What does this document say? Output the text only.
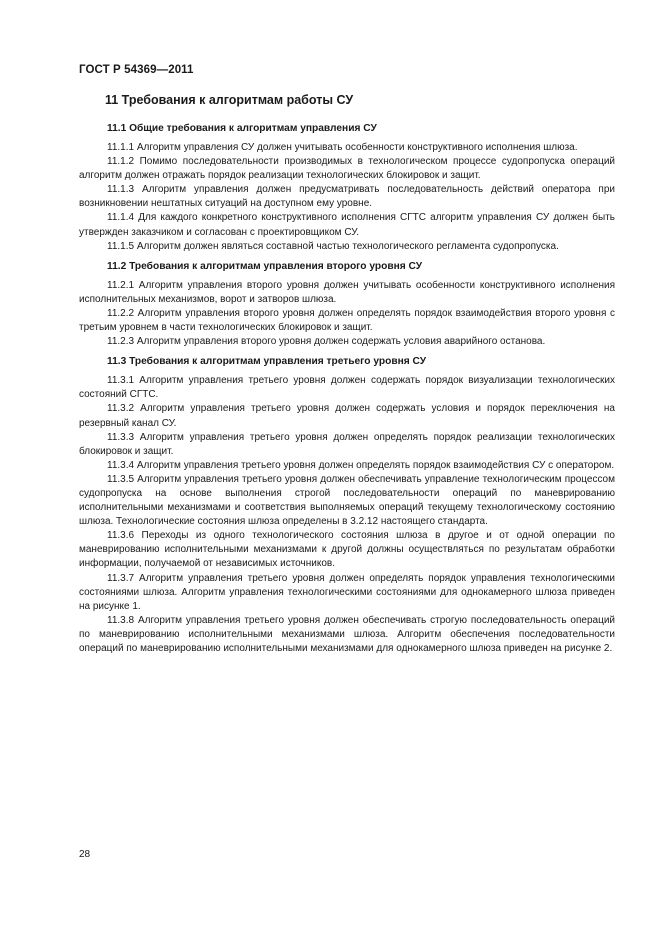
ГОСТ Р 54369—2011
11 Требования к алгоритмам работы СУ
11.1 Общие требования к алгоритмам управления СУ

11.1.1 Алгоритм управления СУ должен учитывать особенности конструктивного исполнения шлюза.

11.1.2 Помимо последовательности производимых в технологическом процессе судопропуска операций алгоритм должен отражать порядок реализации технологических блокировок и защит.

11.1.3 Алгоритм управления должен предусматривать последовательность действий оператора при возникновении нештатных ситуаций на доступном ему уровне.

11.1.4 Для каждого конкретного конструктивного исполнения СГТС алгоритм управления СУ должен быть утвержден заказчиком и согласован с проектировщиком СУ.

11.1.5 Алгоритм должен являться составной частью технологического регламента судопропуска.

11.2 Требования к алгоритмам управления второго уровня СУ

11.2.1 Алгоритм управления второго уровня должен учитывать особенности конструктивного исполнения исполнительных механизмов, ворот и затворов шлюза.

11.2.2 Алгоритм управления второго уровня должен определять порядок взаимодействия второго уровня с третьим уровнем в части технологических блокировок и защит.

11.2.3 Алгоритм управления второго уровня должен содержать условия аварийного останова.

11.3 Требования к алгоритмам управления третьего уровня СУ

11.3.1 Алгоритм управления третьего уровня должен содержать порядок визуализации технологических состояний СГТС.

11.3.2 Алгоритм управления третьего уровня должен содержать условия и порядок переключения на резервный канал СУ.

11.3.3 Алгоритм управления третьего уровня должен определять порядок реализации технологических блокировок и защит.

11.3.4 Алгоритм управления третьего уровня должен определять порядок взаимодействия СУ с оператором.

11.3.5 Алгоритм управления третьего уровня должен обеспечивать управление технологическим процессом судопропуска на основе выполнения строгой последовательности операций по маневрированию исполнительными механизмами и соответствия выполняемых операций текущему технологическому состоянию шлюза. Технологические состояния шлюза определены в 3.2.12 настоящего стандарта.

11.3.6 Переходы из одного технологического состояния шлюза в другое и от одной операции по маневрированию исполнительными механизмами к другой должны осуществляться по результатам обработки информации, получаемой от независимых источников.

11.3.7 Алгоритм управления третьего уровня должен определять порядок управления технологическими состояниями шлюза. Алгоритм управления технологическими состояниями для однокамерного шлюза приведен на рисунке 1.

11.3.8 Алгоритм управления третьего уровня должен обеспечивать строгую последовательность операций по маневрированию исполнительными механизмами шлюза. Алгоритм обеспечения последовательности операций по маневрированию исполнительными механизмами для однокамерного шлюза приведен на рисунке 2.

28
